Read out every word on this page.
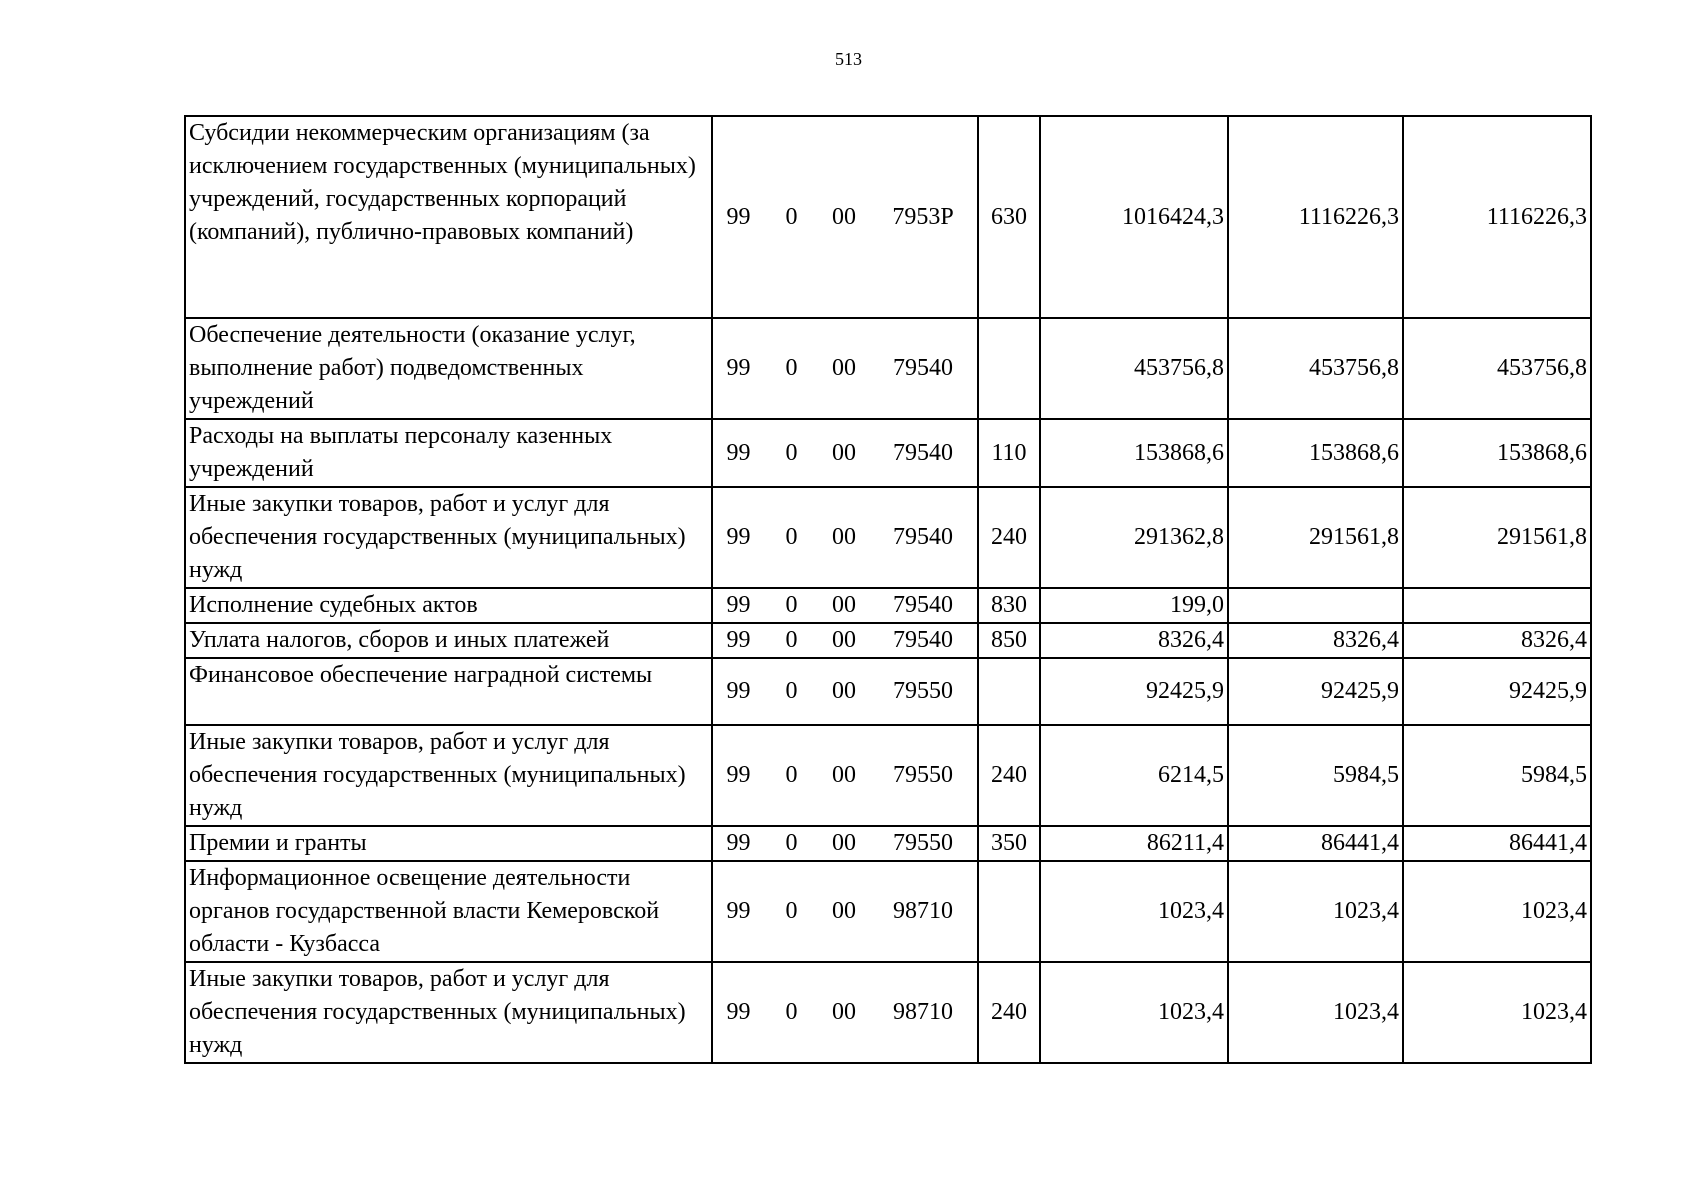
513
Субсидии некоммерческим организациям (за исключением государственных (муниципальных) учреждений, государственных корпораций (компаний), публично-правовых компаний)	99	0	00	7953Р	630	1016424,3	1116226,3	1116226,3
Обеспечение деятельности (оказание услуг, выполнение работ) подведомственных учреждений	99	0	00	79540		453756,8	453756,8	453756,8
Расходы на выплаты персоналу казенных учреждений	99	0	00	79540	110	153868,6	153868,6	153868,6
Иные закупки товаров, работ и услуг для обеспечения государственных (муниципальных) нужд	99	0	00	79540	240	291362,8	291561,8	291561,8
Исполнение судебных актов	99	0	00	79540	830	199,0		
Уплата налогов, сборов и иных платежей	99	0	00	79540	850	8326,4	8326,4	8326,4
Финансовое обеспечение наградной системы	99	0	00	79550		92425,9	92425,9	92425,9
Иные закупки товаров, работ и услуг для обеспечения государственных (муниципальных) нужд	99	0	00	79550	240	6214,5	5984,5	5984,5
Премии и гранты	99	0	00	79550	350	86211,4	86441,4	86441,4
Информационное освещение деятельности органов государственной власти Кемеровской области - Кузбасса	99	0	00	98710		1023,4	1023,4	1023,4
Иные закупки товаров, работ и услуг для обеспечения государственных (муниципальных) нужд	99	0	00	98710	240	1023,4	1023,4	1023,4
